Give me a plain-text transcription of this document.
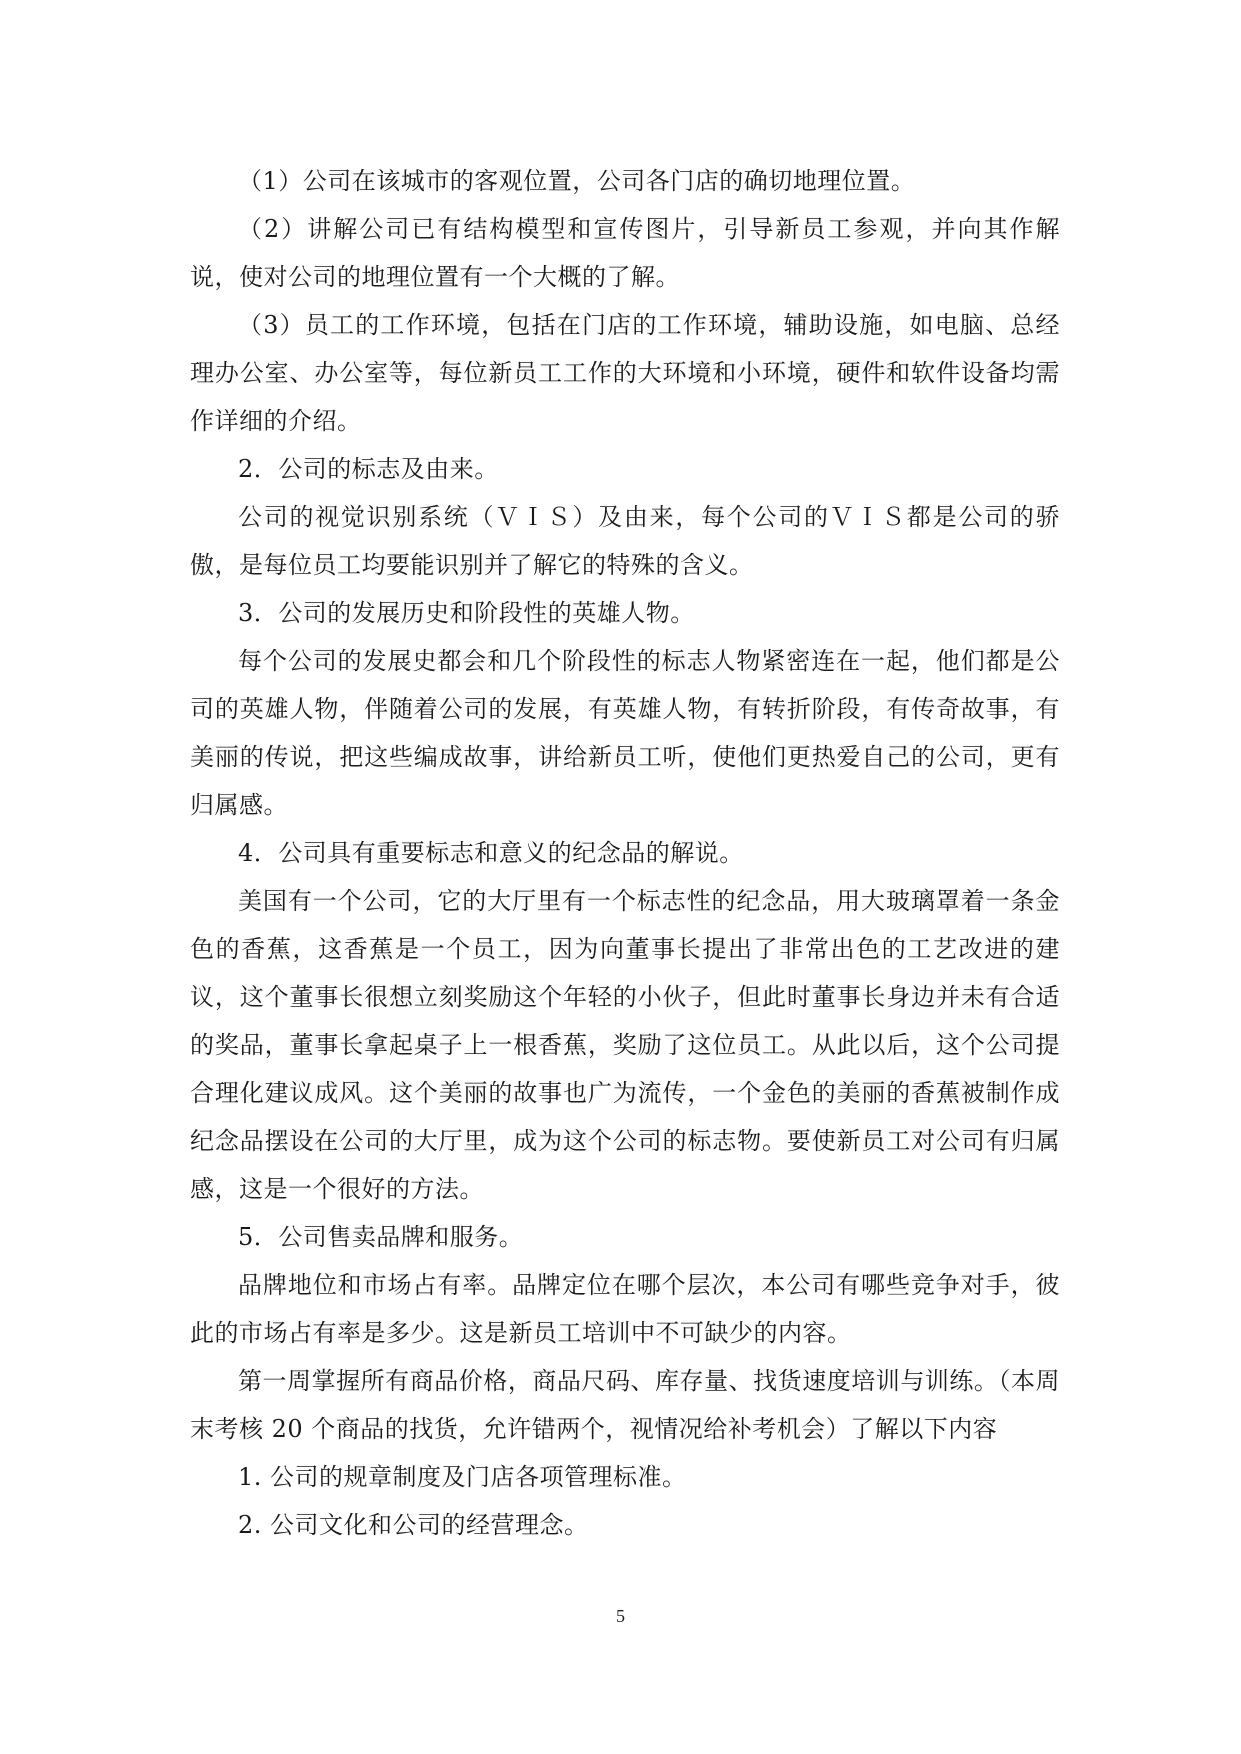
（1）公司在该城市的客观位置，公司各门店的确切地理位置。

（2）讲解公司已有结构模型和宣传图片，引导新员工参观，并向其作解说，使对公司的地理位置有一个大概的了解。

（3）员工的工作环境，包括在门店的工作环境，辅助设施，如电脑、总经理办公室、办公室等，每位新员工工作的大环境和小环境，硬件和软件设备均需作详细的介绍。

2．公司的标志及由来。

公司的视觉识别系统（ＶＩＳ）及由来，每个公司的ＶＩＳ都是公司的骄傲，是每位员工均要能识别并了解它的特殊的含义。

3．公司的发展历史和阶段性的英雄人物。

每个公司的发展史都会和几个阶段性的标志人物紧密连在一起，他们都是公司的英雄人物，伴随着公司的发展，有英雄人物，有转折阶段，有传奇故事，有美丽的传说，把这些编成故事，讲给新员工听，使他们更热爱自己的公司，更有归属感。

4．公司具有重要标志和意义的纪念品的解说。

美国有一个公司，它的大厅里有一个标志性的纪念品，用大玻璃罩着一条金色的香蕉，这香蕉是一个员工，因为向董事长提出了非常出色的工艺改进的建议，这个董事长很想立刻奖励这个年轻的小伙子，但此时董事长身边并未有合适的奖品，董事长拿起桌子上一根香蕉，奖励了这位员工。从此以后，这个公司提合理化建议成风。这个美丽的故事也广为流传，一个金色的美丽的香蕉被制作成纪念品摆设在公司的大厅里，成为这个公司的标志物。要使新员工对公司有归属感，这是一个很好的方法。

5．公司售卖品牌和服务。

品牌地位和市场占有率。品牌定位在哪个层次，本公司有哪些竞争对手，彼此的市场占有率是多少。这是新员工培训中不可缺少的内容。

第一周掌握所有商品价格，商品尺码、库存量、找货速度培训与训练。（本周末考核 20 个商品的找货，允许错两个，视情况给补考机会）了解以下内容

1. 公司的规章制度及门店各项管理标准。

2. 公司文化和公司的经营理念。

5
